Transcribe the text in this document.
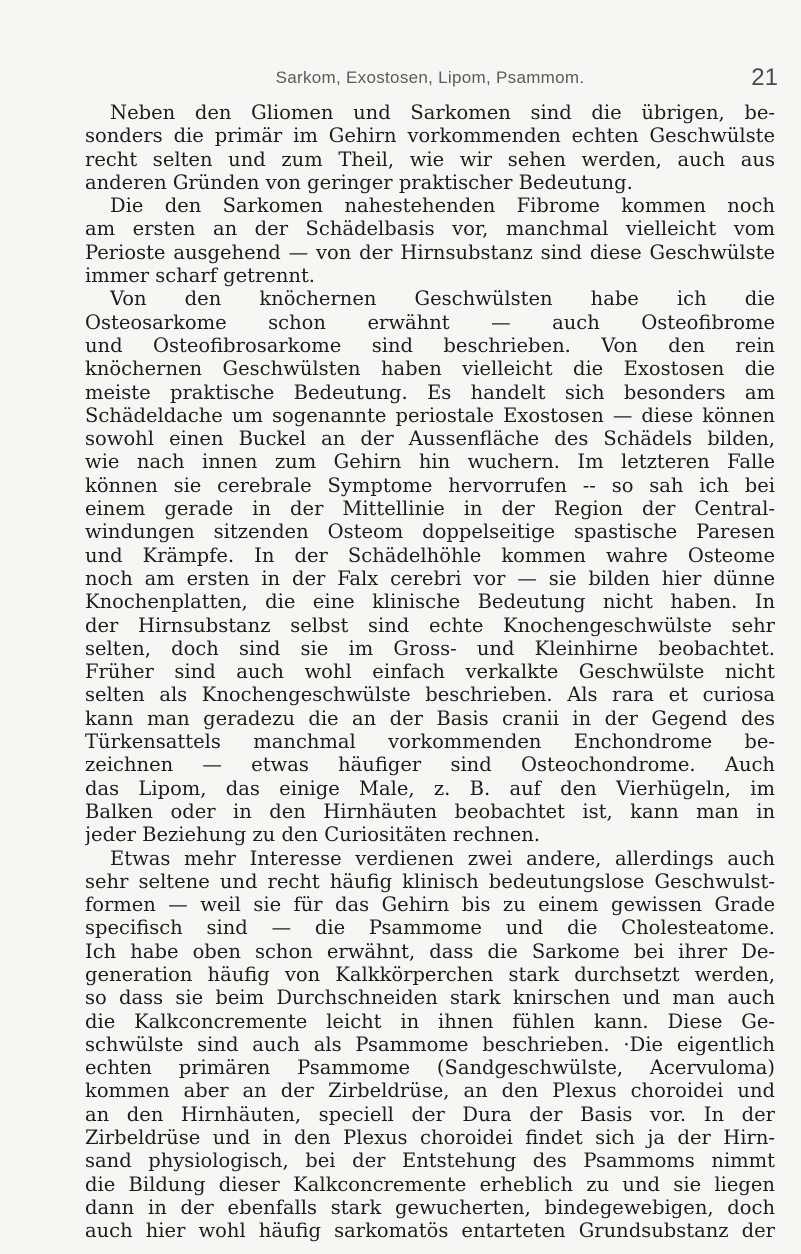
Sarkom, Exostosen, Lipom, Psammom.	21
Neben den Gliomen und Sarkomen sind die übrigen, be-
sonders die primär im Gehirn vorkommenden echten Geschwülste
recht selten und zum Theil, wie wir sehen werden, auch aus
anderen Gründen von geringer praktischer Bedeutung.
Die den Sarkomen nahestehenden Fibrome kommen noch
am ersten an der Schädelbasis vor, manchmal vielleicht vom
Perioste ausgehend — von der Hirnsubstanz sind diese Geschwülste
immer scharf getrennt.
Von den knöchernen Geschwülsten habe ich die
Osteosarkome schon erwähnt — auch Osteofibrome
und Osteofibrosarkome sind beschrieben. Von den rein
knöchernen Geschwülsten haben vielleicht die Exostosen die
meiste praktische Bedeutung. Es handelt sich besonders am
Schädeldache um sogenannte periostale Exostosen — diese können
sowohl einen Buckel an der Aussenfläche des Schädels bilden,
wie nach innen zum Gehirn hin wuchern. Im letzteren Falle
können sie cerebrale Symptome hervorrufen -- so sah ich bei
einem gerade in der Mittellinie in der Region der Central-
windungen sitzenden Osteom doppelseitige spastische Paresen
und Krämpfe. In der Schädelhöhle kommen wahre Osteome
noch am ersten in der Falx cerebri vor — sie bilden hier dünne
Knochenplatten, die eine klinische Bedeutung nicht haben. In
der Hirnsubstanz selbst sind echte Knochengeschwülste sehr
selten, doch sind sie im Gross- und Kleinhirne beobachtet.
Früher sind auch wohl einfach verkalkte Geschwülste nicht
selten als Knochengeschwülste beschrieben. Als rara et curiosa
kann man geradezu die an der Basis cranii in der Gegend des
Türkensattels manchmal vorkommenden Enchondrome be-
zeichnen — etwas häufiger sind Osteochondrome. Auch
das Lipom, das einige Male, z. B. auf den Vierhügeln, im
Balken oder in den Hirnhäuten beobachtet ist, kann man in
jeder Beziehung zu den Curiositäten rechnen.
Etwas mehr Interesse verdienen zwei andere, allerdings auch
sehr seltene und recht häufig klinisch bedeutungslose Geschwulst-
formen — weil sie für das Gehirn bis zu einem gewissen Grade
specifisch sind — die Psammome und die Cholesteatome.
Ich habe oben schon erwähnt, dass die Sarkome bei ihrer De-
generation häufig von Kalkkörperchen stark durchsetzt werden,
so dass sie beim Durchschneiden stark knirschen und man auch
die Kalkconcremente leicht in ihnen fühlen kann. Diese Ge-
schwülste sind auch als Psammome beschrieben. ·Die eigentlich
echten primären Psammome (Sandgeschwülste, Acervuloma)
kommen aber an der Zirbeldrüse, an den Plexus choroidei und
an den Hirnhäuten, speciell der Dura der Basis vor. In der
Zirbeldrüse und in den Plexus choroidei findet sich ja der Hirn-
sand physiologisch, bei der Entstehung des Psammoms nimmt
die Bildung dieser Kalkconcremente erheblich zu und sie liegen
dann in der ebenfalls stark gewucherten, bindegewebigen, doch
auch hier wohl häufig sarkomatös entarteten Grundsubstanz der
